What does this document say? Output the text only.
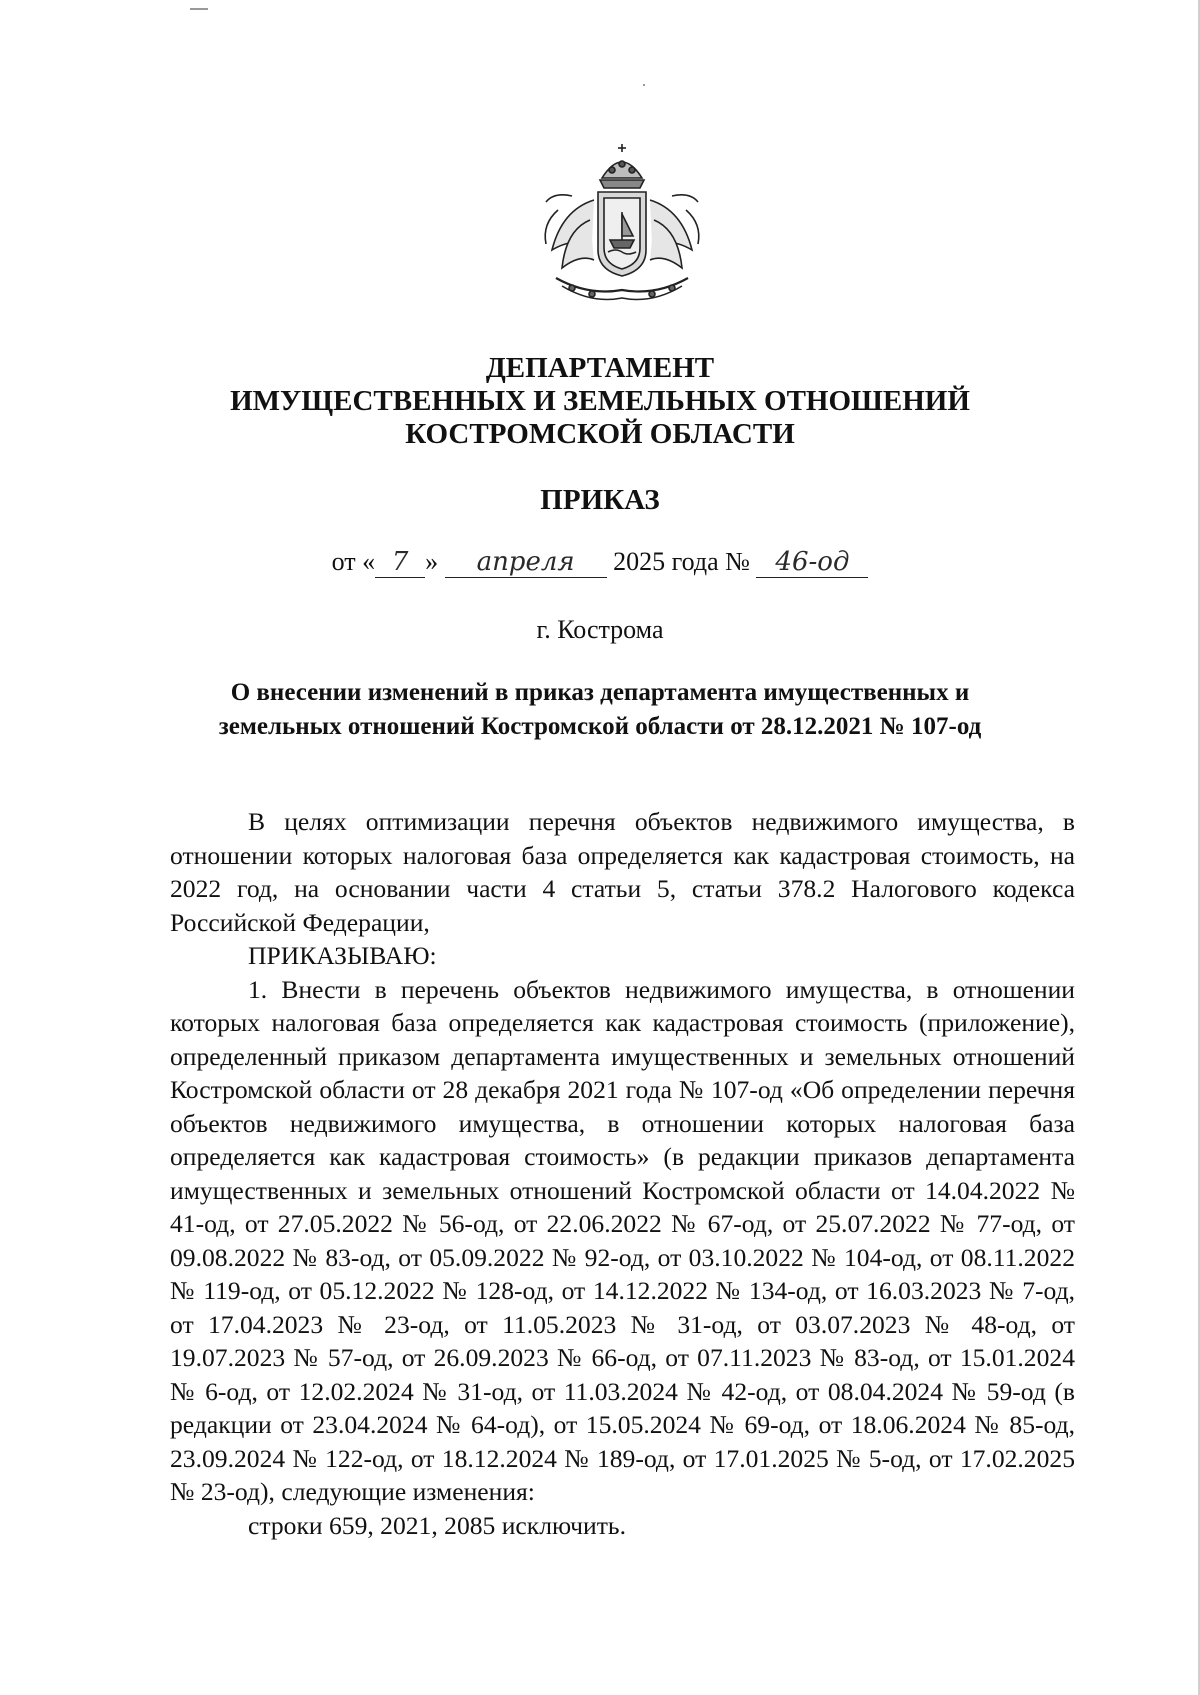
ДЕПАРТАМЕНТ
ИМУЩЕСТВЕННЫХ И ЗЕМЕЛЬНЫХ ОТНОШЕНИЙ
КОСТРОМСКОЙ ОБЛАСТИ
ПРИКАЗ
от « 7 » апреля 2025 года № 46-од
г. Кострома
О внесении изменений в приказ департамента имущественных и
земельных отношений Костромской области от 28.12.2021 № 107-од

В целях оптимизации перечня объектов недвижимого имущества, в отношении которых налоговая база определяется как кадастровая стоимость, на 2022 год, на основании части 4 статьи 5, статьи 378.2 Налогового кодекса Российской Федерации,

ПРИКАЗЫВАЮ:

1. Внести в перечень объектов недвижимого имущества, в отношении которых налоговая база определяется как кадастровая стоимость (приложение), определенный приказом департамента имущественных и земельных отношений Костромской области от 28 декабря 2021 года № 107-од «Об определении перечня объектов недвижимого имущества, в отношении которых налоговая база определяется как кадастровая стоимость» (в редакции приказов департамента имущественных и земельных отношений Костромской области от 14.04.2022 № 41-од, от 27.05.2022 № 56-од, от 22.06.2022 № 67-од, от 25.07.2022 № 77-од, от 09.08.2022 № 83-од, от 05.09.2022 № 92-од, от 03.10.2022 № 104-од, от 08.11.2022 № 119-од, от 05.12.2022 № 128-од, от 14.12.2022 № 134-од, от 16.03.2023 № 7-од, от 17.04.2023 № 23-од, от 11.05.2023 № 31-од, от 03.07.2023 № 48-од, от 19.07.2023 № 57-од, от 26.09.2023 № 66-од, от 07.11.2023 № 83-од, от 15.01.2024 № 6-од, от 12.02.2024 № 31-од, от 11.03.2024 № 42-од, от 08.04.2024 № 59-од (в редакции от 23.04.2024 № 64-од), от 15.05.2024 № 69-од, от 18.06.2024 № 85-од, 23.09.2024 № 122-од, от 18.12.2024 № 189-од, от 17.01.2025 № 5-од, от 17.02.2025 № 23-од), следующие изменения:

строки 659, 2021, 2085 исключить.
